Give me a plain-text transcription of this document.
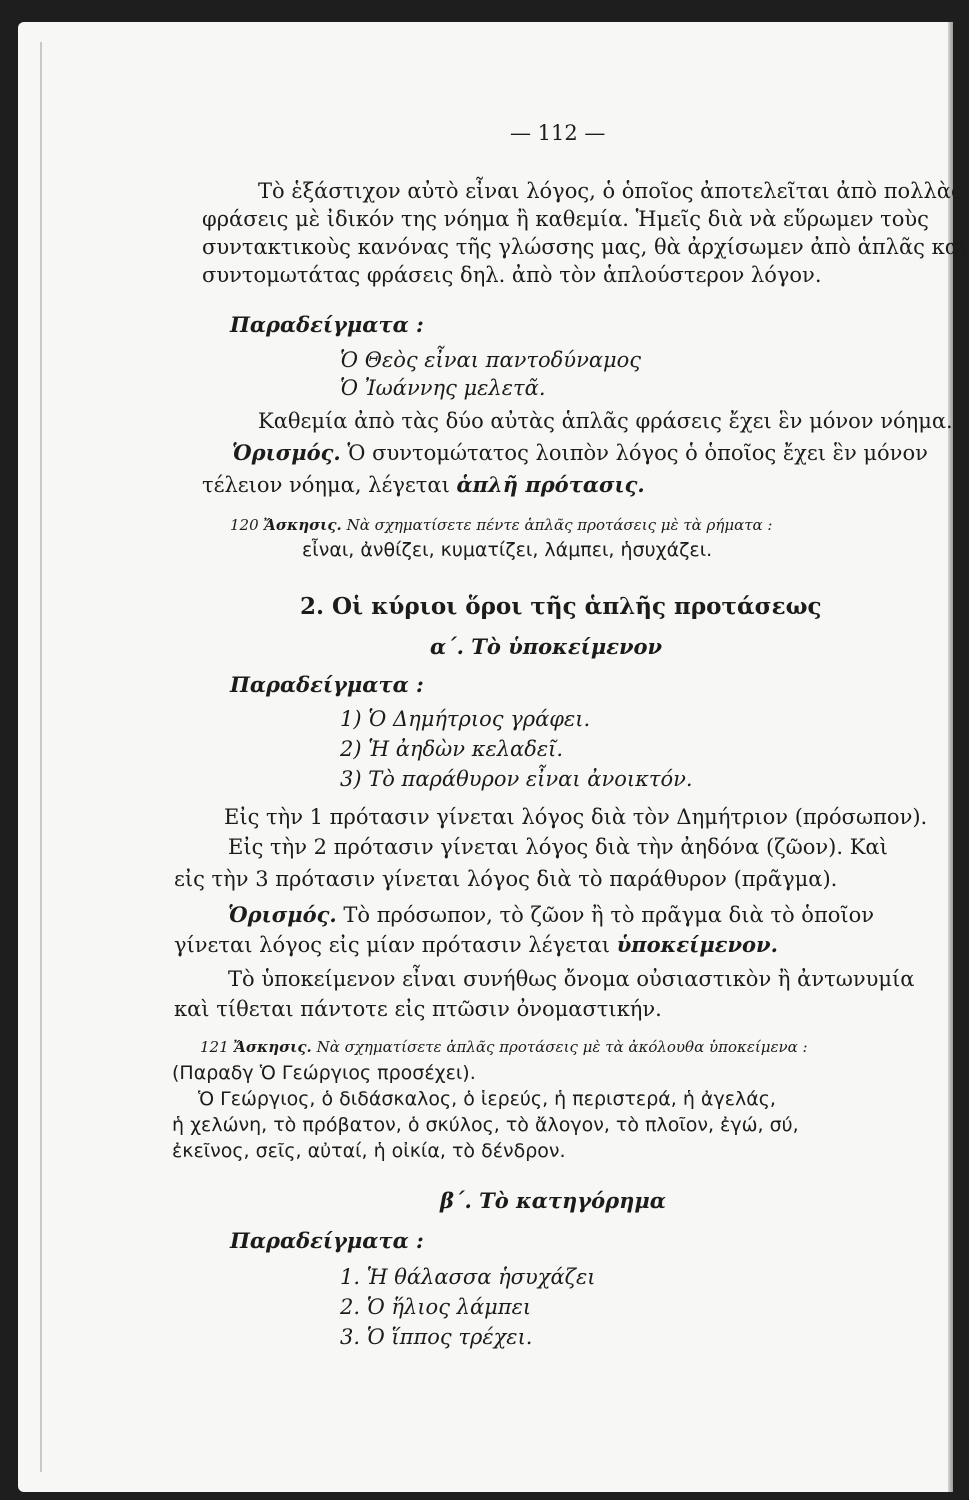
— 112 —

Τὸ ἑξάστιχον αὐτὸ εἶναι λόγος, ὁ ὁποῖος ἀποτελεῖται ἀπὸ πολλὰς

φράσεις μὲ ἰδικόν της νόημα ἢ καθεμία. Ἡμεῖς διὰ νὰ εὕρωμεν τοὺς

συντακτικοὺς κανόνας τῆς γλώσσης μας, θὰ ἀρχίσωμεν ἀπὸ ἁπλᾶς καὶ

συντομωτάτας φράσεις δηλ. ἀπὸ τὸν ἁπλούστερον λόγον.

Παραδείγματα :

Ὁ Θεὸς εἶναι παντοδύναμος

Ὁ Ἰωάννης μελετᾶ.

Καθεμία ἀπὸ τὰς δύο αὐτὰς ἁπλᾶς φράσεις ἔχει ἓν μόνον νόημα.

Ὁρισμός. Ὁ συντομώτατος λοιπὸν λόγος ὁ ὁποῖος ἔχει ἓν μόνον

τέλειον νόημα, λέγεται ἁπλῆ πρότασις.

120 Ἄσκησις. Νὰ σχηματίσετε πέντε ἁπλᾶς προτάσεις μὲ τὰ ρήματα :

εἶναι, ἀνθίζει, κυματίζει, λάμπει, ἡσυχάζει.

2. Οἱ κύριοι ὅροι τῆς ἁπλῆς προτάσεως

α΄. Τὸ ὑποκείμενον

Παραδείγματα :

1) Ὁ Δημήτριος γράφει.

2) Ἡ ἀηδὼν κελαδεῖ.

3) Τὸ παράθυρον εἶναι ἀνοικτόν.

Εἰς τὴν 1 πρότασιν γίνεται λόγος διὰ τὸν Δημήτριον (πρόσωπον).

Εἰς τὴν 2 πρότασιν γίνεται λόγος διὰ τὴν ἀηδόνα (ζῶον). Καὶ

εἰς τὴν 3 πρότασιν γίνεται λόγος διὰ τὸ παράθυρον (πρᾶγμα).

Ὁρισμός. Τὸ πρόσωπον, τὸ ζῶον ἢ τὸ πρᾶγμα διὰ τὸ ὁποῖον

γίνεται λόγος εἰς μίαν πρότασιν λέγεται ὑποκείμενον.

Τὸ ὑποκείμενον εἶναι συνήθως ὄνομα οὐσιαστικὸν ἢ ἀντωνυμία

καὶ τίθεται πάντοτε εἰς πτῶσιν ὀνομαστικήν.

121 Ἄσκησις. Νὰ σχηματίσετε ἁπλᾶς προτάσεις μὲ τὰ ἀκόλουθα ὑποκείμενα :

(Παραδγ Ὁ Γεώργιος προσέχει).

Ὁ Γεώργιος, ὁ διδάσκαλος, ὁ ἱερεύς, ἡ περιστερά, ἡ ἀγελάς,

ἡ χελώνη, τὸ πρόβατον, ὁ σκύλος, τὸ ἄλογον, τὸ πλοῖον, ἐγώ, σύ,

ἐκεῖνος, σεῖς, αὐταί, ἡ οἰκία, τὸ δένδρον.

β΄. Τὸ κατηγόρημα

Παραδείγματα :

1. Ἡ θάλασσα ἡσυχάζει

2. Ὁ ἥλιος λάμπει

3. Ὁ ἵππος τρέχει.
